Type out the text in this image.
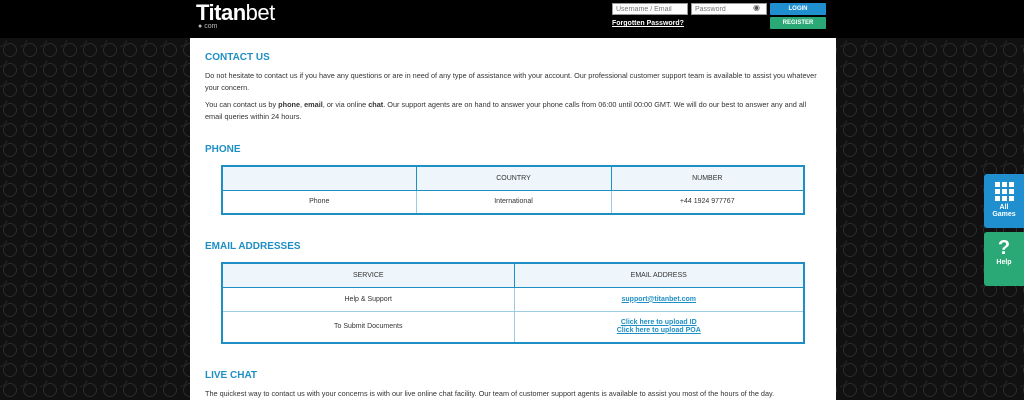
Titanbet
● com
Username / Email
◉
Forgotten Password?
LOGIN
REGISTER
CONTACT US

Do not hesitate to contact us if you have any questions or are in need of any type of assistance with your account. Our professional customer support team is available to assist you whatever your concern.

You can contact us by phone, email, or via online chat. Our support agents are on hand to answer your phone calls from 06:00 until 00:00 GMT. We will do our best to answer any and all email queries within 24 hours.

PHONE
	COUNTRY	NUMBER
Phone	International	+44 1924 977767
EMAIL ADDRESSES
SERVICE	EMAIL ADDRESS
Help & Support	support@titanbet.com
To Submit Documents	Click here to upload ID
Click here to upload POA
LIVE CHAT

The quickest way to contact us with your concerns is with our live online chat facility. Our team of customer support agents is available to assist you most of the hours of the day.

All
Games
?
Help
